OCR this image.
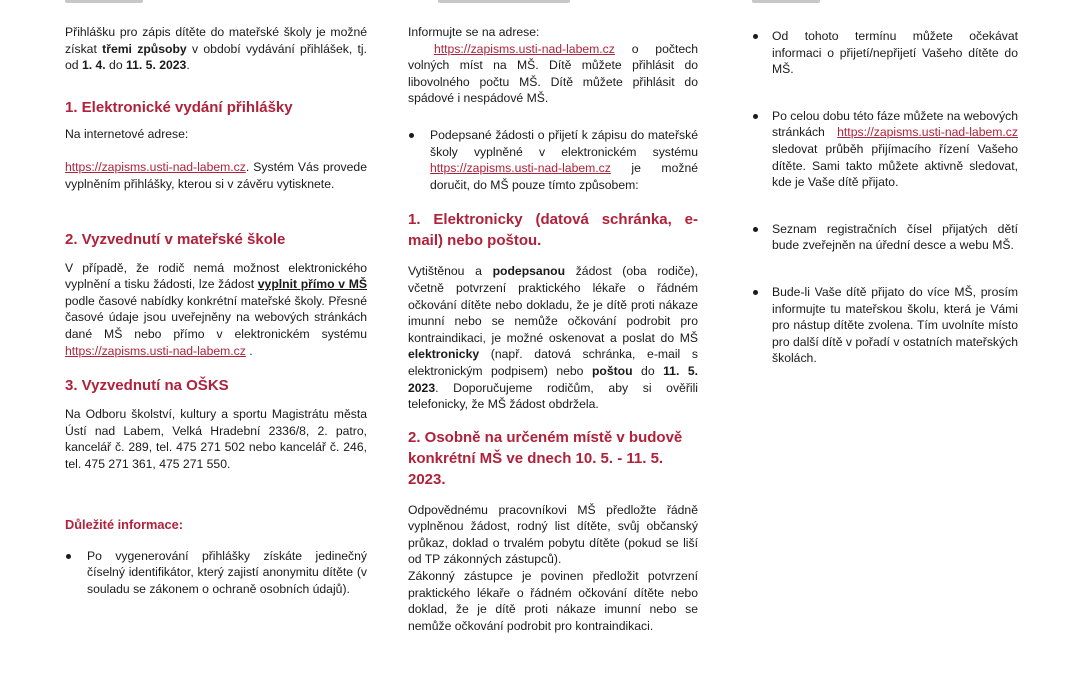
Přihlášku pro zápis dítěte do mateřské školy je možné získat třemi způsoby v období vydávání přihlášek, tj. od 1. 4. do 11. 5. 2023.

1. Elektronické vydání přihlášky

Na internetové adrese:

https://zapisms.usti-nad-labem.cz. Systém Vás provede vyplněním přihlášky, kterou si v závěru vytisknete.

2. Vyzvednutí v mateřské škole

V případě, že rodič nemá možnost elektronického vyplnění a tisku žádosti, lze žádost vyplnit přímo v MŠ podle časové nabídky konkrétní mateřské školy. Přesné časové údaje jsou uveřejněny na webových stránkách dané MŠ nebo přímo v elektronickém systému https://zapisms.usti-nad-labem.cz .

3. Vyzvednutí na OŠKS

Na Odboru školství, kultury a sportu Magistrátu města Ústí nad Labem, Velká Hradební 2336/8, 2. patro, kancelář č. 289, tel. 475 271 502 nebo kancelář č. 246, tel. 475 271 361, 475 271 550.

Důležité informace:
Po vygenerování přihlášky získáte jedinečný číselný identifikátor, který zajistí anonymitu dítěte (v souladu se zákonem o ochraně osobních údajů).

Informujte se na adrese:

https://zapisms.usti-nad-labem.cz o počtech volných míst na MŠ. Dítě můžete přihlásit do libovolného počtu MŠ. Dítě můžete přihlásit do spádové i nespádové MŠ.

Podepsané žádosti o přijetí k zápisu do mateřské školy vyplněné v elektronickém systému https://zapisms.usti-nad-labem.cz je možné doručit, do MŠ pouze tímto způsobem:
1. Elektronicky (datová schránka, e-mail) nebo poštou.

Vytištěnou a podepsanou žádost (oba rodiče), včetně potvrzení praktického lékaře o řádném očkování dítěte nebo dokladu, že je dítě proti nákaze imunní nebo se nemůže očkování podrobit pro kontraindikaci, je možné oskenovat a poslat do MŠ elektronicky (např. datová schránka, e-mail s elektronickým podpisem) nebo poštou do 11. 5. 2023. Doporučujeme rodičům, aby si ověřili telefonicky, že MŠ žádost obdržela.

2. Osobně na určeném místě v budově konkrétní MŠ ve dnech 10. 5. - 11. 5. 2023.

Odpovědnému pracovníkovi MŠ předložte řádně vyplněnou žádost, rodný list dítěte, svůj občanský průkaz, doklad o trvalém pobytu dítěte (pokud se liší od TP zákonných zástupců).

Zákonný zástupce je povinen předložit potvrzení praktického lékaře o řádném očkování dítěte nebo doklad, že je dítě proti nákaze imunní nebo se nemůže očkování podrobit pro kontraindikaci.

Od tohoto termínu můžete očekávat informaci o přijetí/nepřijetí Vašeho dítěte do MŠ.
Po celou dobu této fáze můžete na webových stránkách https://zapisms.usti-nad-labem.cz sledovat průběh přijímacího řízení Vašeho dítěte. Sami takto můžete aktivně sledovat, kde je Vaše dítě přijato.
Seznam registračních čísel přijatých dětí bude zveřejněn na úřední desce a webu MŠ.
Bude-li Vaše dítě přijato do více MŠ, prosím informujte tu mateřskou školu, která je Vámi pro nástup dítěte zvolena. Tím uvolníte místo pro další dítě v pořadí v ostatních mateřských školách.
